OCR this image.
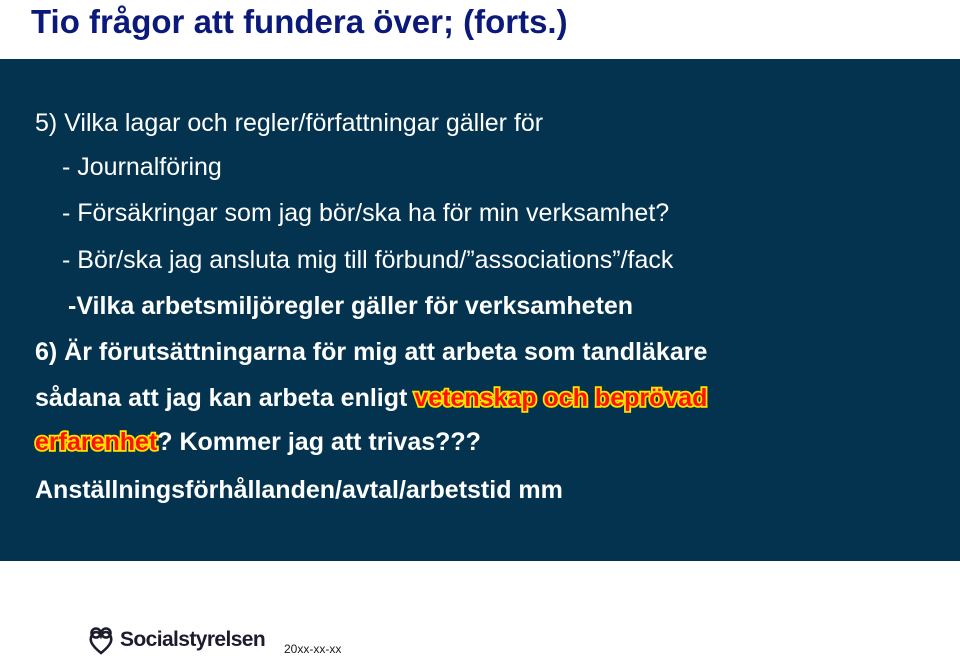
Tio frågor att fundera över; (forts.)

5) Vilka lagar och regler/författningar gäller för

- Journalföring

- Försäkringar som jag bör/ska ha för min verksamhet?

- Bör/ska jag ansluta mig till förbund/”associations”/fack

-Vilka arbetsmiljöregler gäller för verksamheten

6) Är förutsättningarna för mig att arbeta som tandläkare

sådana att jag kan arbeta enligt vetenskap och beprövad

erfarenhet? Kommer jag att trivas???

Anställningsförhållanden/avtal/arbetstid mm

Socialstyrelsen 20xx-xx-xx
